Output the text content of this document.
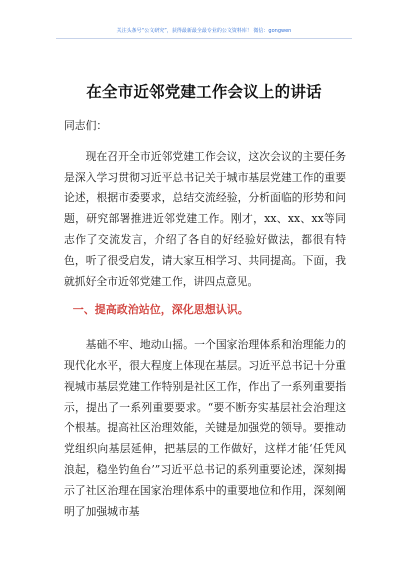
关注头条号“公文研究”，获得最新最全最专业的公文资料库！ 微信：gongwen
在全市近邻党建工作会议上的讲话

同志们：

现在召开全市近邻党建工作会议，这次会议的主要任务是深入学习贯彻习近平总书记关于城市基层党建工作的重要论述，根据市委要求，总结交流经验，分析面临的形势和问题，研究部署推进近邻党建工作。刚才，xx、xx、xx等同志作了交流发言，介绍了各自的好经验好做法，都很有特色，听了很受启发，请大家互相学习、共同提高。下面，我就抓好全市近邻党建工作，讲四点意见。

一、提高政治站位，深化思想认识。

基础不牢、地动山摇。一个国家治理体系和治理能力的现代化水平，很大程度上体现在基层。习近平总书记十分重视城市基层党建工作特别是社区工作，作出了一系列重要指示，提出了一系列重要要求。“要不断夯实基层社会治理这个根基。提高社区治理效能，关键是加强党的领导。要推动党组织向基层延伸，把基层的工作做好，这样才能‘任凭风浪起，稳坐钓鱼台’”习近平总书记的系列重要论述，深刻揭示了社区治理在国家治理体系中的重要地位和作用，深刻阐明了加强城市基
